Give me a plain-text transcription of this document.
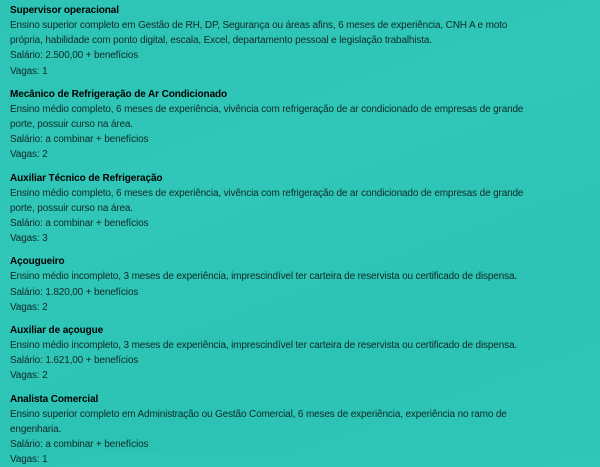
Supervisor operacional
Ensino superior completo em Gestão de RH, DP, Segurança ou áreas afins, 6 meses de experiência, CNH A e moto própria, habilidade com ponto digital, escala, Excel, departamento pessoal e legislação trabalhista.
Salário: 2.500,00 + benefícios
Vagas: 1
Mecânico de Refrigeração de Ar Condicionado
Ensino médio completo, 6 meses de experiência, vivência com refrigeração de ar condicionado de empresas de grande porte, possuir curso na área.
Salário: a combinar + benefícios
Vagas: 2
Auxiliar Técnico de Refrigeração
Ensino médio completo, 6 meses de experiência, vivência com refrigeração de ar condicionado de empresas de grande porte, possuir curso na área.
Salário: a combinar + benefícios
Vagas: 3
Açougueiro
Ensino médio incompleto, 3 meses de experiência, imprescindível ter carteira de reservista ou certificado de dispensa.
Salário: 1.820,00 + benefícios
Vagas: 2
Auxiliar de açougue
Ensino médio incompleto, 3 meses de experiência, imprescindível ter carteira de reservista ou certificado de dispensa.
Salário: 1.621,00 + benefícios
Vagas: 2
Analista Comercial
Ensino superior completo em Administração ou Gestão Comercial, 6 meses de experiência, experiência no ramo de engenharia.
Salário: a combinar + benefícios
Vagas: 1
